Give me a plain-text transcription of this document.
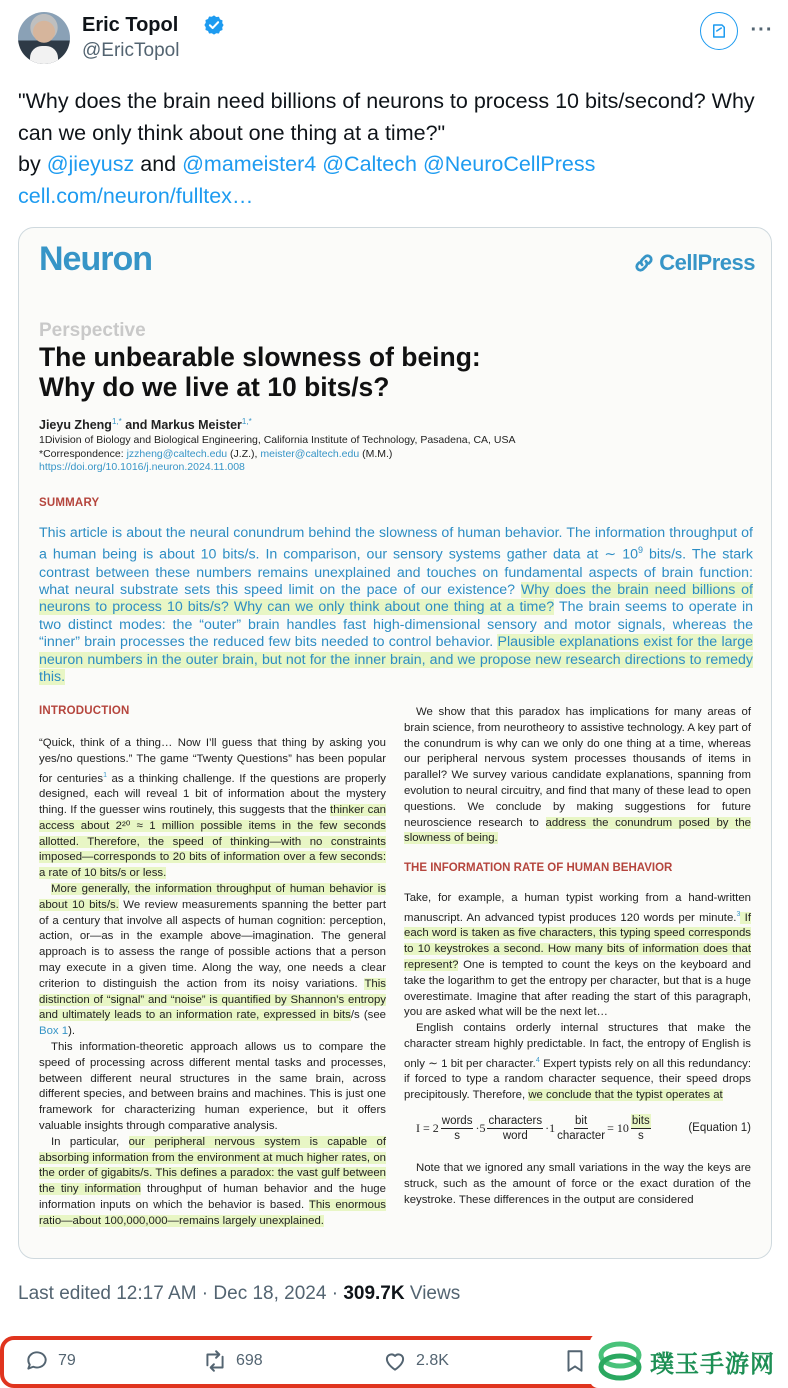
Eric Topol
@EricTopol
···
"Why does the brain need billions of neurons to process 10 bits/second? Why can we only think about one thing at a time?"
by @jieyusz and @mameister4 @Caltech @NeuroCellPress
cell.com/neuron/fulltex…
Neuron	CellPress
Perspective
The unbearable slowness of being:
Why do we live at 10 bits/s?
Jieyu Zheng$^{1,*}$ and Markus Meister$^{1,*}$
1Division of Biology and Biological Engineering, California Institute of Technology, Pasadena, CA, USA
*Correspondence: jzzheng@caltech.edu (J.Z.), meister@caltech.edu (M.M.)
https://doi.org/10.1016/j.neuron.2024.11.008
SUMMARY
This article is about the neural conundrum behind the slowness of human behavior. The information throughput of a human being is about 10 bits/s. In comparison, our sensory systems gather data at ∼ $10^9$ bits/s. The stark contrast between these numbers remains unexplained and touches on fundamental aspects of brain function: what neural substrate sets this speed limit on the pace of our existence? Why does the brain need billions of neurons to process 10 bits/s? Why can we only think about one thing at a time? The brain seems to operate in two distinct modes: the “outer” brain handles fast high-dimensional sensory and motor signals, whereas the “inner” brain processes the reduced few bits needed to control behavior. Plausible explanations exist for the large neuron numbers in the outer brain, but not for the inner brain, and we propose new research directions to remedy this.
INTRODUCTION

“Quick, think of a thing… Now I’ll guess that thing by asking you yes/no questions.” The game “Twenty Questions” has been popular for centuries$^1$ as a thinking challenge. If the questions are properly designed, each will reveal 1 bit of information about the mystery thing. If the guesser wins routinely, this suggests that the thinker can access about 2²⁰ ≈ 1 million possible items in the few seconds allotted. Therefore, the speed of thinking—with no constraints imposed—corresponds to 20 bits of information over a few seconds: a rate of 10 bits/s or less.

More generally, the information throughput of human behavior is about 10 bits/s. We review measurements spanning the better part of a century that involve all aspects of human cognition: perception, action, or—as in the example above—imagination. The general approach is to assess the range of possible actions that a person may execute in a given time. Along the way, one needs a clear criterion to distinguish the action from its noisy variations. This distinction of “signal” and “noise” is quantified by Shannon’s entropy and ultimately leads to an information rate, expressed in bits/s (see Box 1).

This information-theoretic approach allows us to compare the speed of processing across different mental tasks and processes, between different neural structures in the same brain, across different species, and between brains and machines. This is just one framework for characterizing human experience, but it offers valuable insights through comparative analysis.

In particular, our peripheral nervous system is capable of absorbing information from the environment at much higher rates, on the order of gigabits/s. This defines a paradox: the vast gulf between the tiny information throughput of human behavior and the huge information inputs on which the behavior is based. This enormous ratio—about 100,000,000—remains largely unexplained.

We show that this paradox has implications for many areas of brain science, from neurotheory to assistive technology. A key part of the conundrum is why can we only do one thing at a time, whereas our peripheral nervous system processes thousands of items in parallel? We survey various candidate explanations, spanning from evolution to neural circuitry, and find that many of these lead to open questions. We conclude by making suggestions for future neuroscience research to address the conundrum posed by the slowness of being.

THE INFORMATION RATE OF HUMAN BEHAVIOR

Take, for example, a human typist working from a hand-written manuscript. An advanced typist produces 120 words per minute.$^3$ If each word is taken as five characters, this typing speed corresponds to 10 keystrokes a second. How many bits of information does that represent? One is tempted to count the keys on the keyboard and take the logarithm to get the entropy per character, but that is a huge overestimate. Imagine that after reading the start of this paragraph, you are asked what will be the next let…

English contains orderly internal structures that make the character stream highly predictable. In fact, the entropy of English is only ∼ 1 bit per character.$^4$ Expert typists rely on all this redundancy: if forced to type a random character sequence, their speed drops precipitously. Therefore, we conclude that the typist operates at

$I = 2 \frac{\text{words}}{s} \cdot 5 \frac{\text{characters}}{\text{word}} \cdot 1 \frac{\text{bit}}{\text{character}} = 10 \frac{\text{bits}}{s}$	(Equation 1)

Note that we ignored any small variations in the way the keys are struck, such as the amount of force or the exact duration of the keystroke. These differences in the output are considered

Last edited 12:17 AM · Dec 18, 2024 · 309.7K Views
79	698	2.8K	璞玉手游网
